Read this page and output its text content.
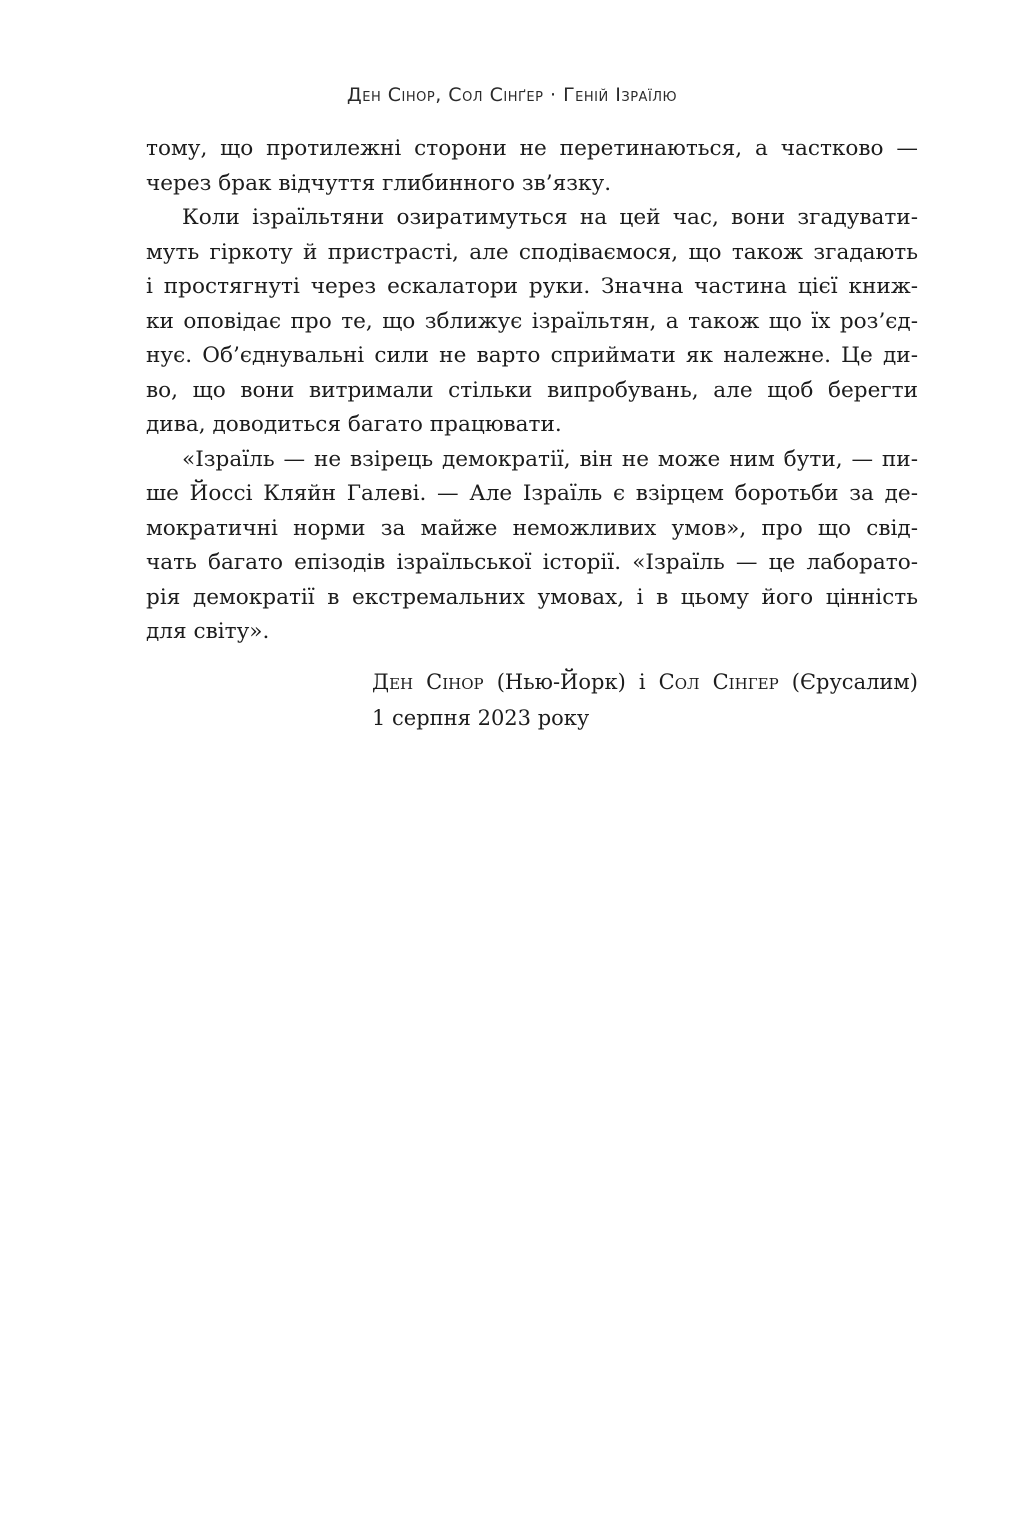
Ден Сінор, Сол Сінґер · Геній Ізраїлю
тому, що протилежні сторони не перетинаються, а частково —
через брак відчуття глибинного зв’язку.
Коли ізраїльтяни озиратимуться на цей час, вони згадувати-
муть гіркоту й пристрасті, але сподіваємося, що також згадають
і простягнуті через ескалатори руки. Значна частина цієї книж-
ки оповідає про те, що зближує ізраїльтян, а також що їх роз’єд-
нує. Об’єднувальні сили не варто сприймати як належне. Це ди-
во, що вони витримали стільки випробувань, але щоб берегти
дива, доводиться багато працювати.
«Ізраїль — не взірець демократії, він не може ним бути, — пи-
ше Йоссі Кляйн Галеві. — Але Ізраїль є взірцем боротьби за де-
мократичні норми за майже неможливих умов», про що свід-
чать багато епізодів ізраїльської історії. «Ізраїль — це лаборато-
рія демократії в екстремальних умовах, і в цьому його цінність
для світу».
Ден Сінор (Нью-Йорк) і Сол Сінгер (Єрусалим)
1 серпня 2023 року
